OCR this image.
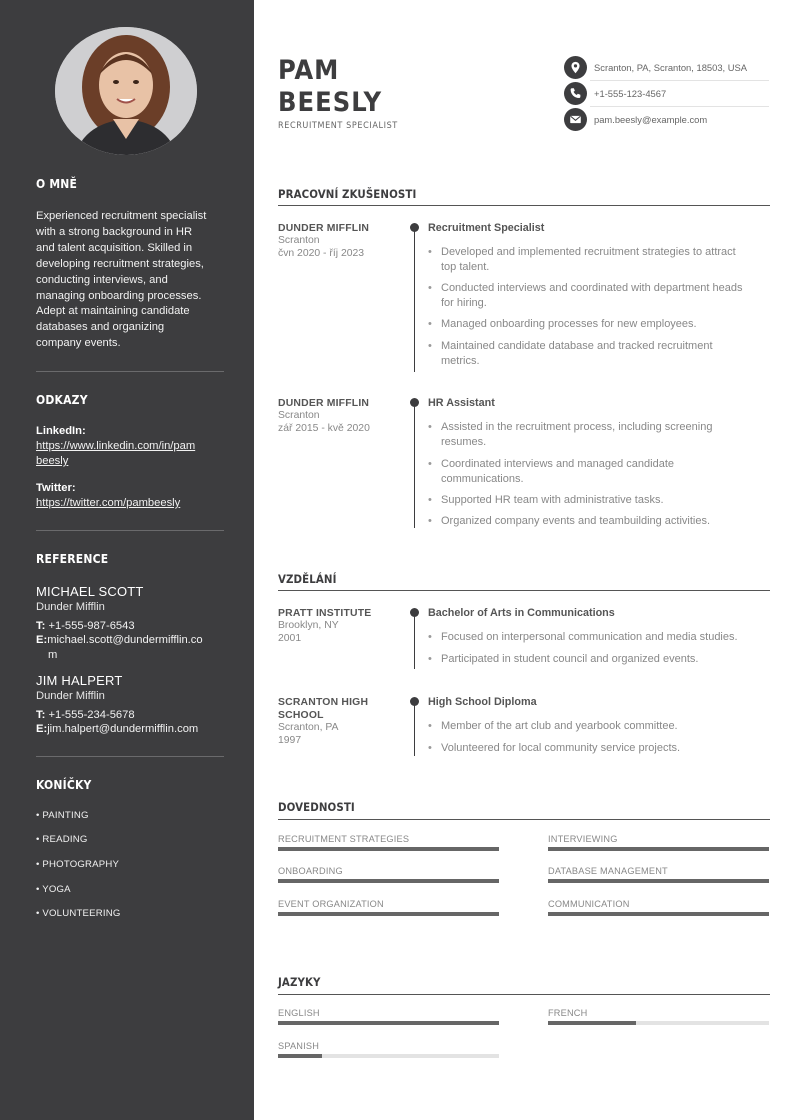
O MNĚ
Experienced recruitment specialist
with a strong background in HR
and talent acquisition. Skilled in
developing recruitment strategies,
conducting interviews, and
managing onboarding processes.
Adept at maintaining candidate
databases and organizing
company events.
ODKAZY
LinkedIn:
https://www.linkedin.com/in/pam
beesly
Twitter:
https://twitter.com/pambeesly
REFERENCE
MICHAEL SCOTT
Dunder Mifflin
T: +1-555-987-6543
E:michael.scott@dundermifflin.co
m
JIM HALPERT
Dunder Mifflin
T: +1-555-234-5678
E:jim.halpert@dundermifflin.com
KONÍČKY
• PAINTING
• READING
• PHOTOGRAPHY
• YOGA
• VOLUNTEERING
PAM
BEESLY
RECRUITMENT SPECIALIST
Scranton, PA, Scranton, 18503, USA
+1-555-123-4567
pam.beesly@example.com
PRACOVNÍ ZKUŠENOSTI
DUNDER MIFFLIN
Scranton
čvn 2020 - říj 2023
Recruitment Specialist
• Developed and implemented recruitment strategies to attract
top talent.
• Conducted interviews and coordinated with department heads
for hiring.
• Managed onboarding processes for new employees.
• Maintained candidate database and tracked recruitment
metrics.
DUNDER MIFFLIN
Scranton
zář 2015 - kvě 2020
HR Assistant
• Assisted in the recruitment process, including screening
resumes.
• Coordinated interviews and managed candidate
communications.
• Supported HR team with administrative tasks.
• Organized company events and teambuilding activities.
VZDĚLÁNÍ
PRATT INSTITUTE
Brooklyn, NY
2001
Bachelor of Arts in Communications
• Focused on interpersonal communication and media studies.
• Participated in student council and organized events.
SCRANTON HIGH
SCHOOL
Scranton, PA
1997
High School Diploma
• Member of the art club and yearbook committee.
• Volunteered for local community service projects.
DOVEDNOSTI
RECRUITMENT STRATEGIES	INTERVIEWING
ONBOARDING	DATABASE MANAGEMENT
EVENT ORGANIZATION	COMMUNICATION
JAZYKY
ENGLISH	FRENCH
SPANISH
